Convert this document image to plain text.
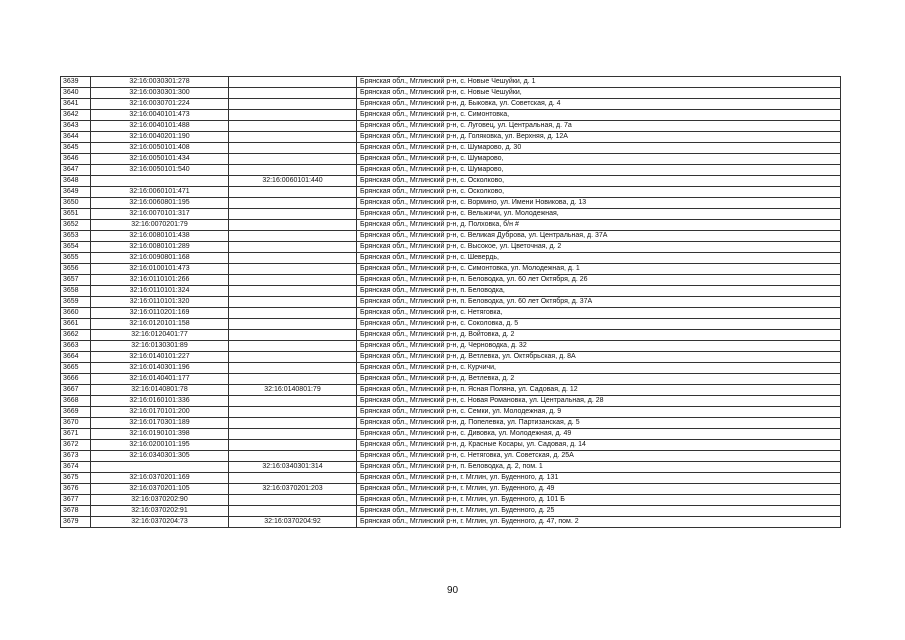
3639	32:16:0030301:278		Брянская обл., Мглинский р-н, с. Новые Чешуйки, д. 1
3640	32:16:0030301:300		Брянская обл., Мглинский р-н, с. Новые Чешуйки,
3641	32:16:0030701:224		Брянская обл., Мглинский р-н, д. Быковка, ул. Советская, д. 4
3642	32:16:0040101:473		Брянская обл., Мглинский р-н, с. Симонтовка,
3643	32:16:0040101:488		Брянская обл., Мглинский р-н, с. Луговец, ул. Центральная, д. 7а
3644	32:16:0040201:190		Брянская обл., Мглинский р-н, д. Голяковка, ул. Верхняя, д. 12А
3645	32:16:0050101:408		Брянская обл., Мглинский р-н, с. Шумарово, д. 30
3646	32:16:0050101:434		Брянская обл., Мглинский р-н, с. Шумарово,
3647	32:16:0050101:540		Брянская обл., Мглинский р-н, с. Шумарово,
3648		32:16:0060101:440	Брянская обл., Мглинский р-н, с. Осколково,
3649	32:16:0060101:471		Брянская обл., Мглинский р-н, с. Осколково,
3650	32:16:0060801:195		Брянская обл., Мглинский р-н, с. Вормино, ул. Имени Новикова, д. 13
3651	32:16:0070101:317		Брянская обл., Мглинский р-н, с. Вельжичи, ул. Молодежная,
3652	32:16:0070201:79		Брянская обл., Мглинский р-н, д. Полховка, б/н #
3653	32:16:0080101:438		Брянская обл., Мглинский р-н, с. Великая Дуброва, ул. Центральная, д. 37А
3654	32:16:0080101:289		Брянская обл., Мглинский р-н, с. Высокое, ул. Цветочная, д. 2
3655	32:16:0090801:168		Брянская обл., Мглинский р-н, с. Шевердь,
3656	32:16:0100101:473		Брянская обл., Мглинский р-н, с. Симонтовка, ул. Молодежная, д. 1
3657	32:16:0110101:266		Брянская обл., Мглинский р-н, п. Беловодка, ул. 60 лет Октября, д. 26
3658	32:16:0110101:324		Брянская обл., Мглинский р-н, п. Беловодка,
3659	32:16:0110101:320		Брянская обл., Мглинский р-н, п. Беловодка, ул. 60 лет Октября, д. 37А
3660	32:16:0110201:169		Брянская обл., Мглинский р-н, с. Нетяговка,
3661	32:16:0120101:158		Брянская обл., Мглинский р-н, с. Соколовка, д. 5
3662	32:16:0120401:77		Брянская обл., Мглинский р-н, д. Войтовка, д. 2
3663	32:16:0130301:89		Брянская обл., Мглинский р-н, д. Черноводка, д. 32
3664	32:16:0140101:227		Брянская обл., Мглинский р-н, д. Ветлевка, ул. Октябрьская, д. 8А
3665	32:16:0140301:196		Брянская обл., Мглинский р-н, с. Курчичи,
3666	32:16:0140401:177		Брянская обл., Мглинский р-н, д. Ветлевка, д. 2
3667	32:16:0140801:78	32:16:0140801:79	Брянская обл., Мглинский р-н, п. Ясная Поляна, ул. Садовая, д. 12
3668	32:16:0160101:336		Брянская обл., Мглинский р-н, с. Новая Романовка, ул. Центральная, д. 28
3669	32:16:0170101:200		Брянская обл., Мглинский р-н, с. Семки, ул. Молодежная, д. 9
3670	32:16:0170301:189		Брянская обл., Мглинский р-н, д. Попелевка, ул. Партизанская, д. 5
3671	32:16:0190101:398		Брянская обл., Мглинский р-н, с. Дивовка, ул. Молодежная, д. 49
3672	32:16:0200101:195		Брянская обл., Мглинский р-н, д. Красные Косары, ул. Садовая, д. 14
3673	32:16:0340301:305		Брянская обл., Мглинский р-н, с. Нетяговка, ул. Советская, д. 25А
3674		32:16:0340301:314	Брянская обл., Мглинский р-н, п. Беловодка, д. 2, пом. 1
3675	32:16:0370201:169		Брянская обл., Мглинский р-н, г. Мглин, ул. Буденного, д. 131
3676	32:16:0370201:105	32:16:0370201:203	Брянская обл., Мглинский р-н, г. Мглин, ул. Буденного, д. 49
3677	32:16:0370202:90		Брянская обл., Мглинский р-н, г. Мглин, ул. Буденного, д. 101 Б
3678	32:16:0370202:91		Брянская обл., Мглинский р-н, г. Мглин, ул. Буденного, д. 25
3679	32:16:0370204:73	32:16:0370204:92	Брянская обл., Мглинский р-н, г. Мглин, ул. Буденного, д. 47, пом. 2
90
